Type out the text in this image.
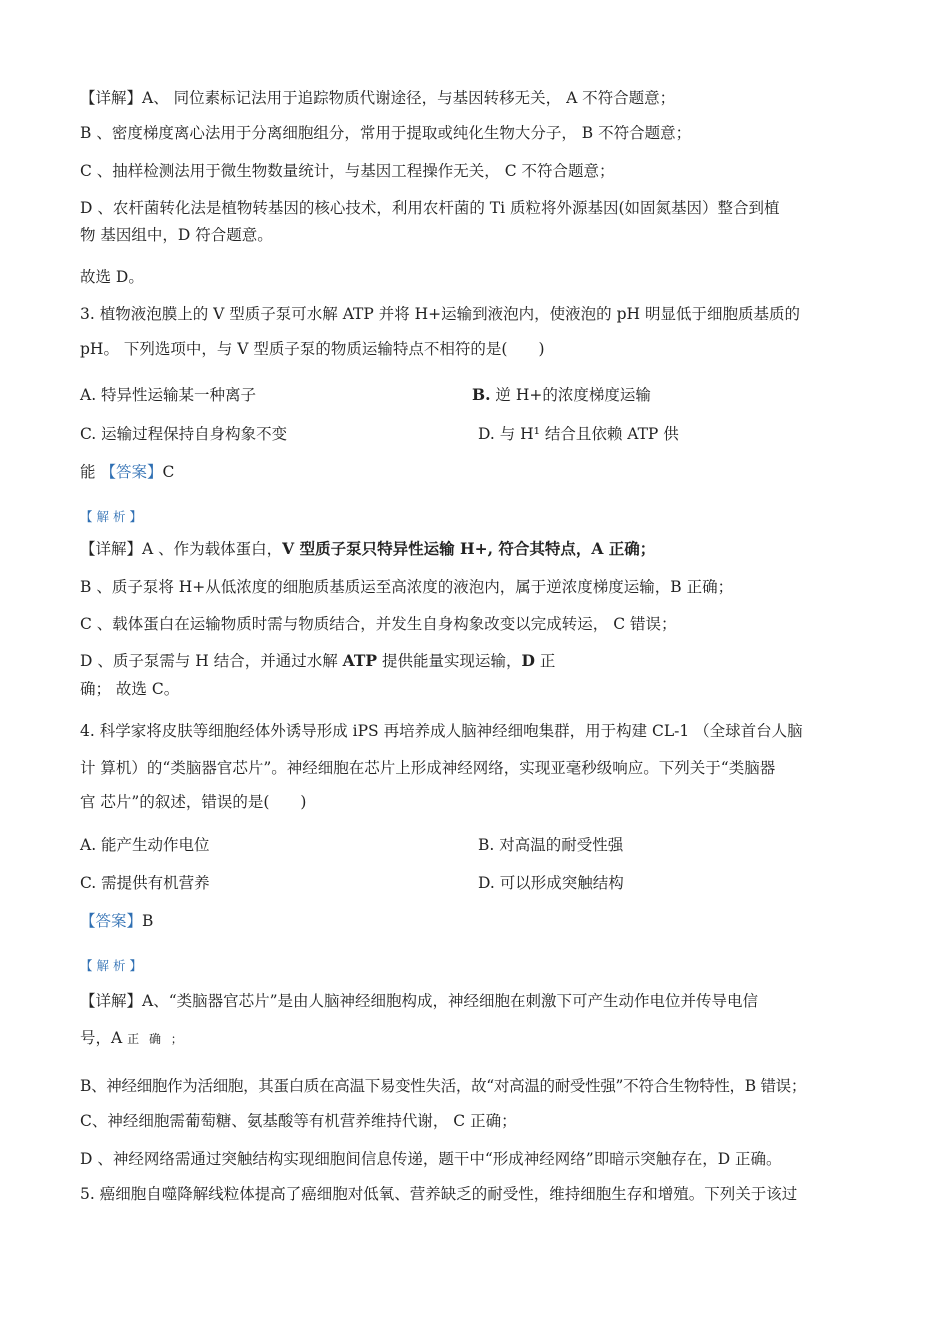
【详解】A、 同位素标记法用于追踪物质代谢途径，与基因转移无关， A 不符合题意；
B 、密度梯度离心法用于分离细胞组分，常用于提取或纯化生物大分子， B 不符合题意；
C 、抽样检测法用于微生物数量统计，与基因工程操作无关， C 不符合题意；
D 、农杆菌转化法是植物转基因的核心技术，利用农杆菌的 Ti 质粒将外源基因(如固氮基因）整合到植
物 基因组中，D 符合题意。
故选 D。
3. 植物液泡膜上的 V 型质子泵可水解 ATP 并将 H+运输到液泡内，使液泡的 pH 明显低于细胞质基质的
pH。 下列选项中，与 V 型质子泵的物质运输特点不相符的是(　　)
A. 特异性运输某一种离子	B. 逆 H+的浓度梯度运输
C. 运输过程保持自身构象不变	D. 与 H¹ 结合且依赖 ATP 供
能 【答案】C
【解析】
【详解】A 、作为载体蛋白，V 型质子泵只特异性运输 H+, 符合其特点，A 正确；
B 、质子泵将 H+从低浓度的细胞质基质运至高浓度的液泡内，属于逆浓度梯度运输，B 正确；
C 、载体蛋白在运输物质时需与物质结合，并发生自身构象改变以完成转运， C 错误；
D 、质子泵需与 H 结合，并通过水解 ATP 提供能量实现运输，D 正
确； 故选 C。
4. 科学家将皮肤等细胞经体外诱导形成 iPS 再培养成人脑神经细咆集群，用于构建 CL-1 （全球首台人脑
计 算机）的“类脑器官芯片”。神经细胞在芯片上形成神经网络，实现亚毫秒级响应。下列关于“类脑器
官 芯片”的叙述，错误的是(　　)
A. 能产生动作电位	B. 对高温的耐受性强
C. 需提供有机营养	D. 可以形成突触结构
【答案】B
【解析】
【详解】A、“类脑器官芯片”是由人脑神经细胞构成，神经细胞在刺激下可产生动作电位并传导电信
号，A 正 确 ；
B、神经细胞作为活细胞，其蛋白质在高温下易变性失活，故“对高温的耐受性强”不符合生物特性，B 错误；
C、神经细胞需葡萄糖、氨基酸等有机营养维持代谢， C 正确；
D 、神经网络需通过突触结构实现细胞间信息传递，题干中“形成神经网络”即暗示突触存在，D 正确。
5. 癌细胞自噬降解线粒体提高了癌细胞对低氧、营养缺乏的耐受性，维持细胞生存和增殖。下列关于该过
